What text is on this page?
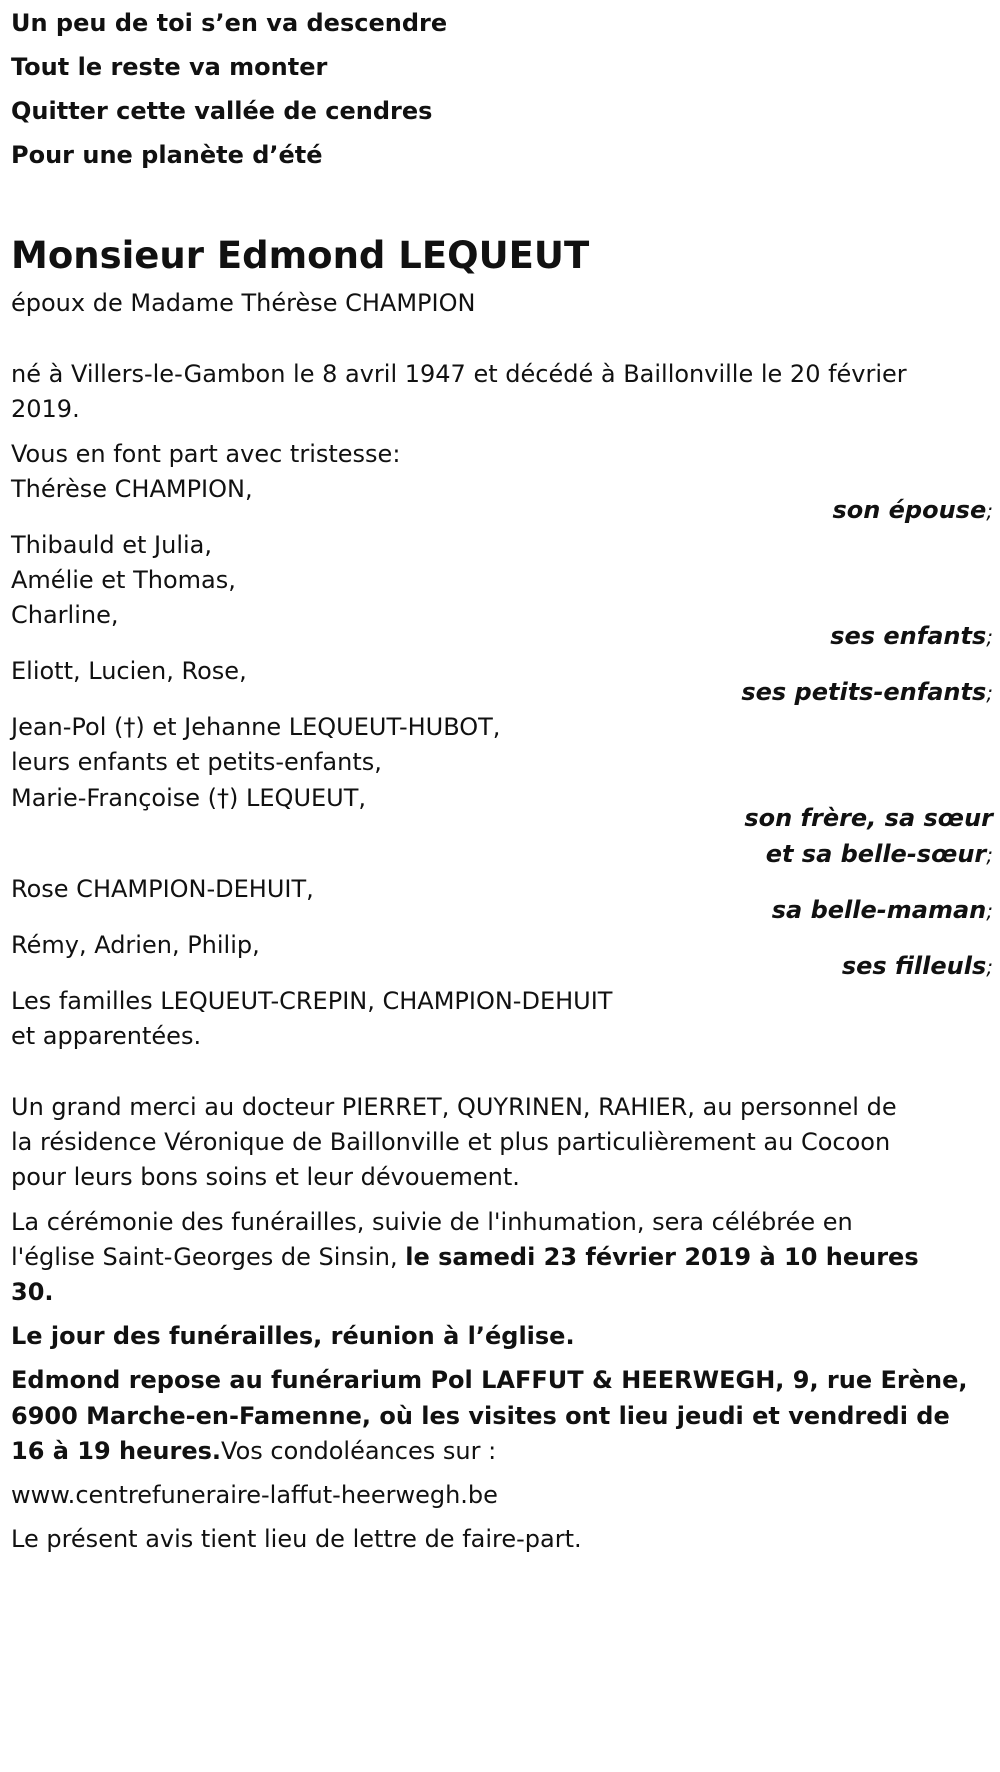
Un peu de toi s’en va descendre
Tout le reste va monter
Quitter cette vallée de cendres
Pour une planète d’été
Monsieur Edmond LEQUEUT
époux de Madame Thérèse CHAMPION
né à Villers-le-Gambon le 8 avril 1947 et décédé à Baillonville le 20 février
2019.
Vous en font part avec tristesse:
Thérèse CHAMPION,
son épouse;
Thibauld et Julia,
Amélie et Thomas,
Charline,
ses enfants;
Eliott, Lucien, Rose,
ses petits-enfants;
Jean-Pol (†) et Jehanne LEQUEUT-HUBOT,
leurs enfants et petits-enfants,
Marie-Françoise (†) LEQUEUT,
son frère, sa sœur
et sa belle-sœur;
Rose CHAMPION-DEHUIT,
sa belle-maman;
Rémy, Adrien, Philip,
ses filleuls;
Les familles LEQUEUT-CREPIN, CHAMPION-DEHUIT
et apparentées.
Un grand merci au docteur PIERRET, QUYRINEN, RAHIER, au personnel de
la résidence Véronique de Baillonville et plus particulièrement au Cocoon
pour leurs bons soins et leur dévouement.
La cérémonie des funérailles, suivie de l'inhumation, sera célébrée en
l'église Saint-Georges de Sinsin, le samedi 23 février 2019 à 10 heures
30.
Le jour des funérailles, réunion à l’église.
Edmond repose au funérarium Pol LAFFUT & HEERWEGH, 9, rue Erène,
6900 Marche-en-Famenne, où les visites ont lieu jeudi et vendredi de
16 à 19 heures.Vos condoléances sur :
www.centrefuneraire-laffut-heerwegh.be
Le présent avis tient lieu de lettre de faire-part.
